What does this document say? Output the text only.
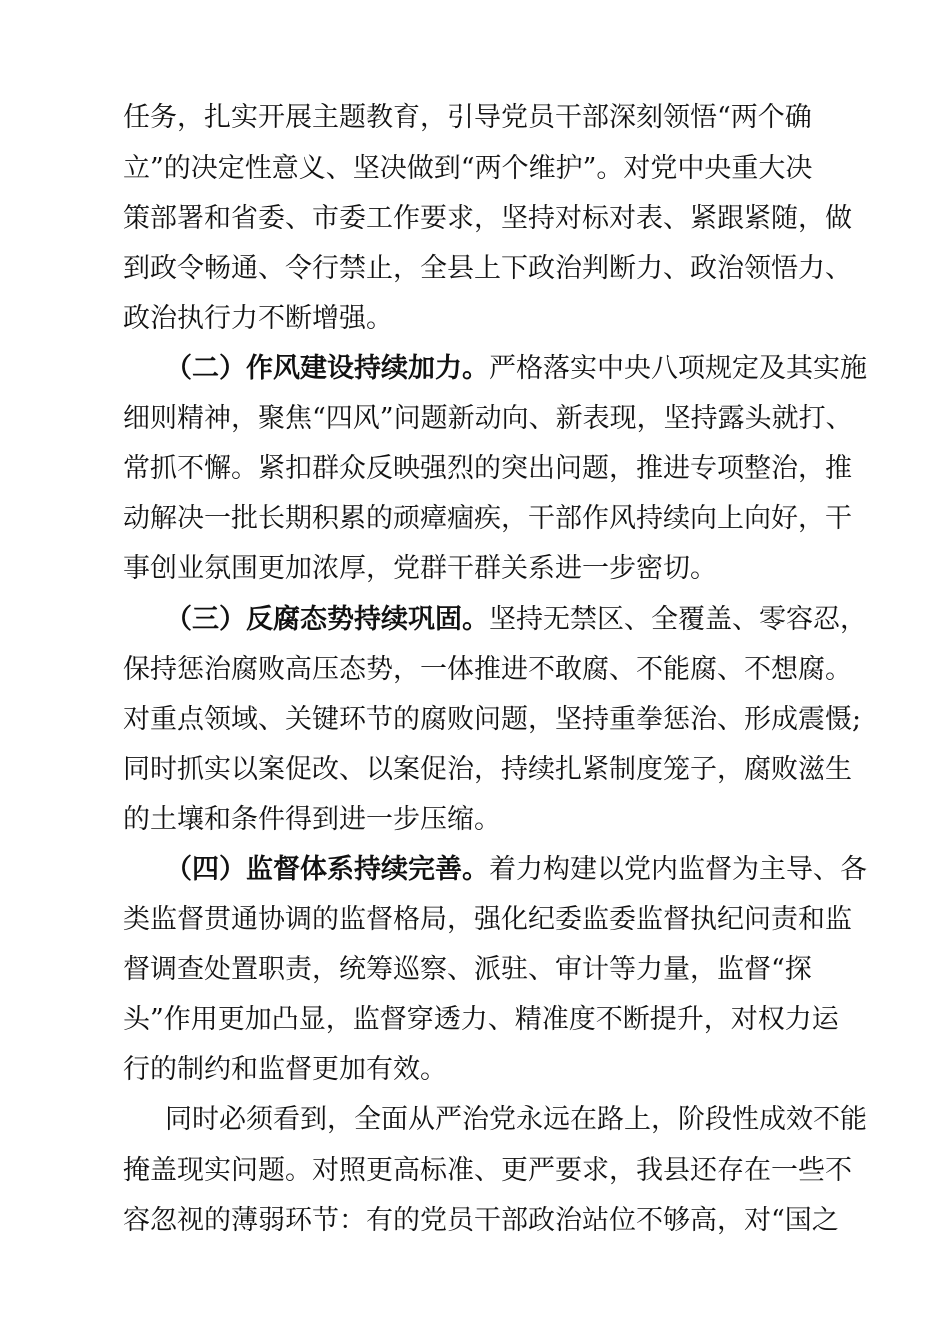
任务，扎实开展主题教育，引导党员干部深刻领悟“两个确

立”的决定性意义、坚决做到“两个维护”。对党中央重大决

策部署和省委、市委工作要求，坚持对标对表、紧跟紧随，做

到政令畅通、令行禁止，全县上下政治判断力、政治领悟力、

政治执行力不断增强。

（二）作风建设持续加力。严格落实中央八项规定及其实施

细则精神，聚焦“四风”问题新动向、新表现，坚持露头就打、

常抓不懈。紧扣群众反映强烈的突出问题，推进专项整治，推

动解决一批长期积累的顽瘴痼疾，干部作风持续向上向好，干

事创业氛围更加浓厚，党群干群关系进一步密切。

（三）反腐态势持续巩固。坚持无禁区、全覆盖、零容忍，

保持惩治腐败高压态势，一体推进不敢腐、不能腐、不想腐。

对重点领域、关键环节的腐败问题，坚持重拳惩治、形成震慑;

同时抓实以案促改、以案促治，持续扎紧制度笼子，腐败滋生

的土壤和条件得到进一步压缩。

（四）监督体系持续完善。着力构建以党内监督为主导、各

类监督贯通协调的监督格局，强化纪委监委监督执纪问责和监

督调查处置职责，统筹巡察、派驻、审计等力量，监督“探

头”作用更加凸显，监督穿透力、精准度不断提升，对权力运

行的制约和监督更加有效。

同时必须看到，全面从严治党永远在路上，阶段性成效不能

掩盖现实问题。对照更高标准、更严要求，我县还存在一些不

容忽视的薄弱环节：有的党员干部政治站位不够高，对“国之
